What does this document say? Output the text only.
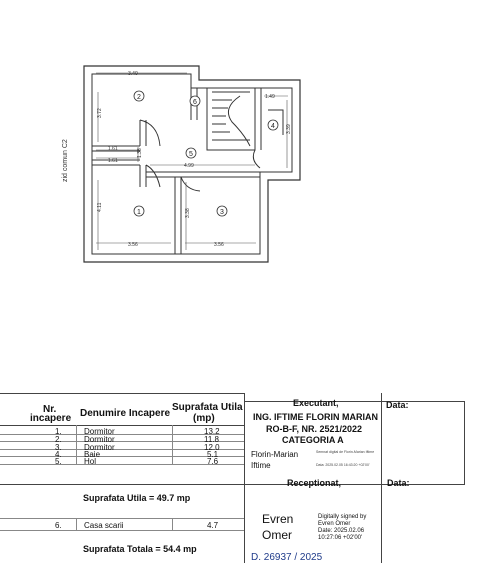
2
6
4
5
1	3
3.40
1.61
1.61
4.99
1.49
3.56	3.56
3.72
4.11
1.38
3.38
3.39
zid comun C2
Nr.
incapere Denumire Incapere
Suprafata Utila
(mp)
1.	Dormitor	13.2
2.	Dormitor	11.8
3.	Dormitor	12.0
4.	Baie	5.1
5.	Hol	7.6
Suprafata Utila = 49.7 mp
6.	Casa scarii	4.7
Suprafata Totala = 54.4 mp
Executant,	Data:
ING. IFTIME FLORIN MARIAN
RO-B-F, NR. 2521/2022
CATEGORIA A
Florin-Marian
Iftime
Semnat digital de Florin-Marian Iftime
Data: 2025.02.05 16:43:20 +02'00'
Receptionat,	Data:
Evren
Omer
Digitally signed by
Evren Omer
Date: 2025.02.06
10:27:06 +02'00'
D. 26937 / 2025
